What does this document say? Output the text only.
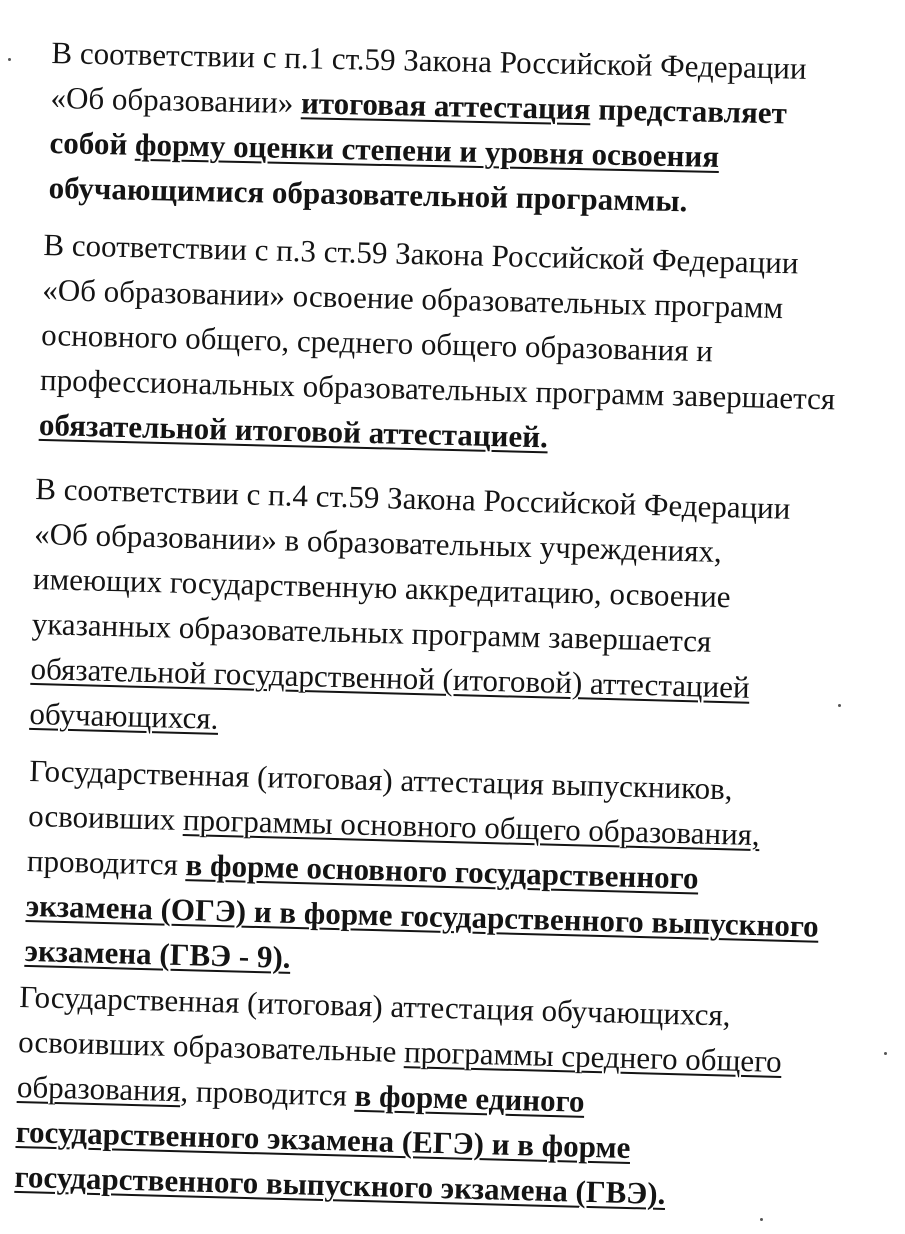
В соответствии с п.1 ст.59 Закона Российской Федерации
«Об образовании» итоговая аттестация представляет
собой форму оценки степени и уровня освоения
обучающимися образовательной программы.
В соответствии с п.3 ст.59 Закона Российской Федерации
«Об образовании» освоение образовательных программ
основного общего, среднего общего образования и
профессиональных образовательных программ завершается
обязательной итоговой аттестацией.
В соответствии с п.4 ст.59 Закона Российской Федерации
«Об образовании» в образовательных учреждениях,
имеющих государственную аккредитацию, освоение
указанных образовательных программ завершается
обязательной государственной (итоговой) аттестацией
обучающихся.
Государственная (итоговая) аттестация выпускников,
освоивших программы основного общего образования,
проводится в форме основного государственного
экзамена (ОГЭ) и в форме государственного выпускного
экзамена (ГВЭ - 9).
Государственная (итоговая) аттестация обучающихся,
освоивших образовательные программы среднего общего
образования, проводится в форме единого
государственного экзамена (ЕГЭ) и в форме
государственного выпускного экзамена (ГВЭ).
